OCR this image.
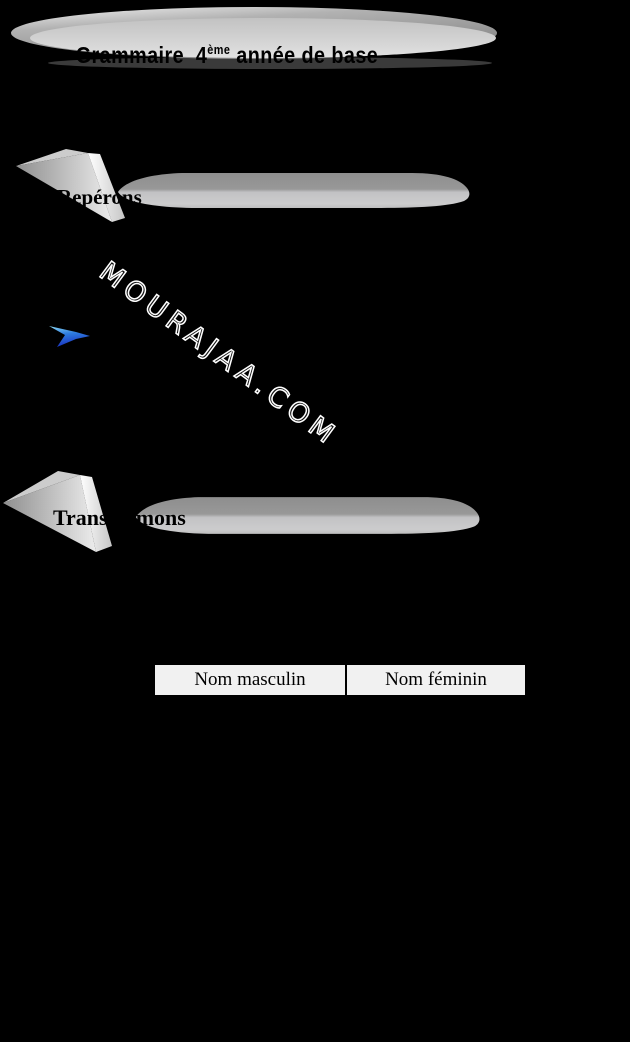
Grammaire  4ème année de base

Repérons
MOURAJAA.COM
Transformons
Nom masculin	Nom féminin
